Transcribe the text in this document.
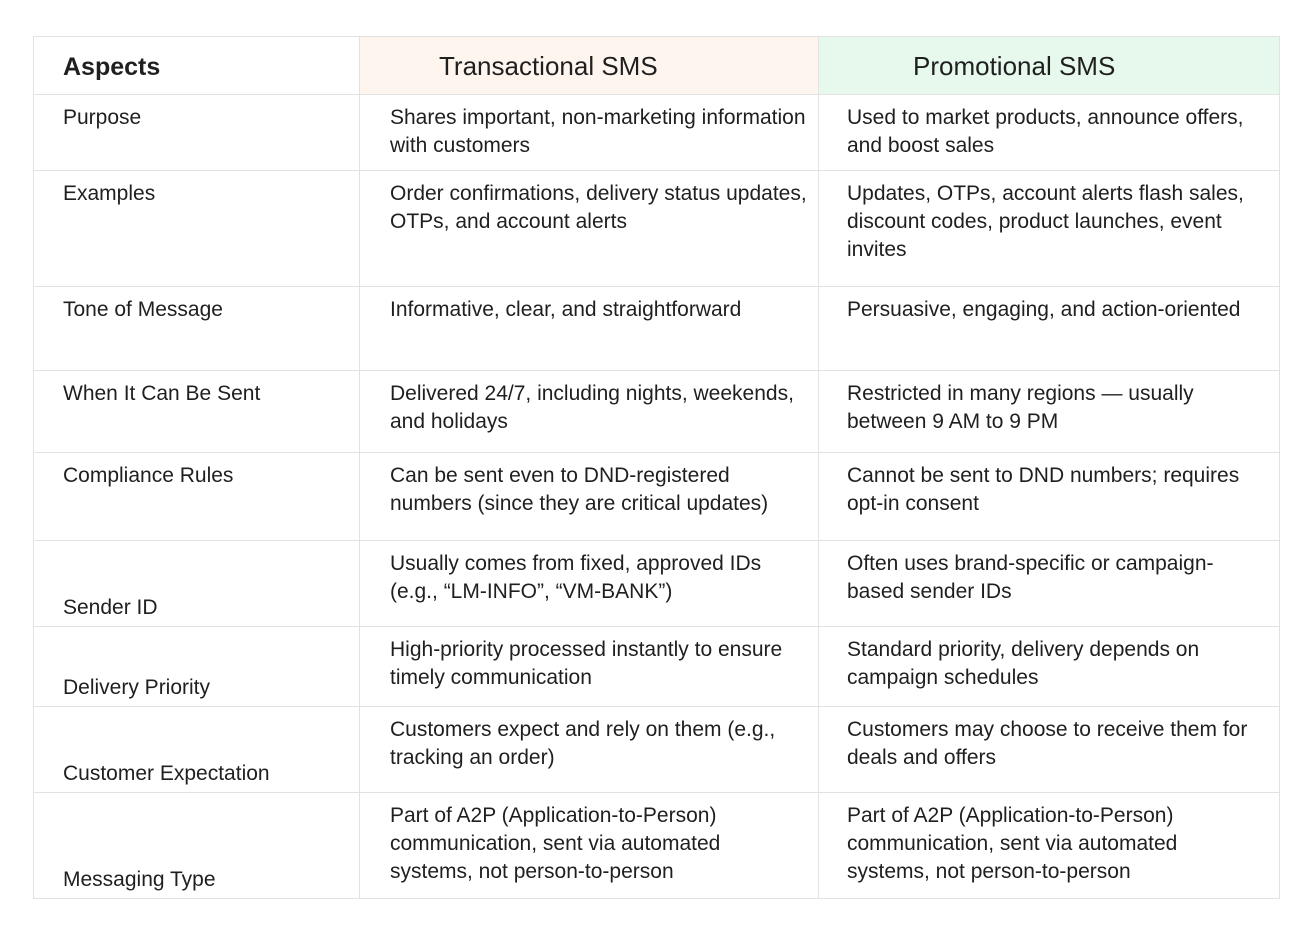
Aspects	Transactional SMS	Promotional SMS
Purpose	Shares important, non-marketing information with customers	Used to market products, announce offers, and boost sales
Examples	Order confirmations, delivery status updates, OTPs, and account alerts	Updates, OTPs, account alerts flash sales, discount codes, product launches, event invites
Tone of Message	Informative, clear, and straightforward	Persuasive, engaging, and action-oriented
When It Can Be Sent	Delivered 24/7, including nights, weekends, and holidays	Restricted in many regions — usually between 9 AM to 9 PM
Compliance Rules	Can be sent even to DND-registered numbers (since they are critical updates)	Cannot be sent to DND numbers; requires opt-in consent
Sender ID	Usually comes from fixed, approved IDs (e.g., “LM-INFO”, “VM-BANK”)	Often uses brand-specific or campaign-based sender IDs
Delivery Priority	High-priority processed instantly to ensure timely communication	Standard priority, delivery depends on campaign schedules
Customer Expectation	Customers expect and rely on them (e.g., tracking an order)	Customers may choose to receive them for deals and offers
Messaging Type	Part of A2P (Application-to-Person) communication, sent via automated systems, not person-to-person	Part of A2P (Application-to-Person) communication, sent via automated systems, not person-to-person
